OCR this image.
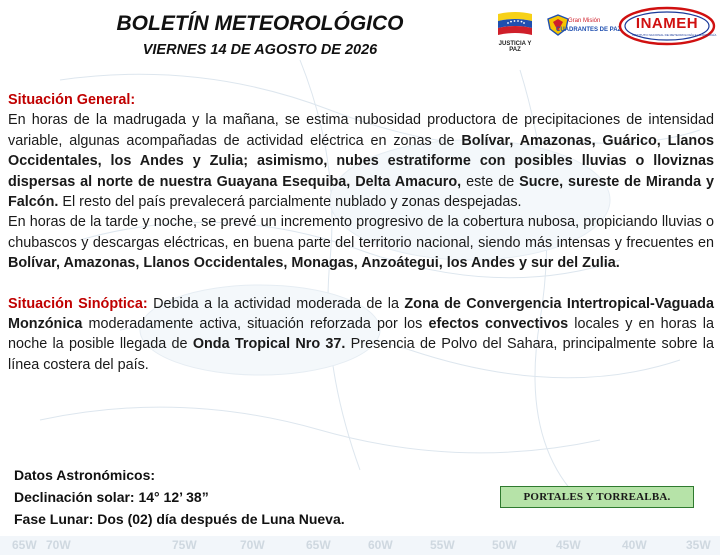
65W 70W	75W	70W	65W	60W	55W	50W	45W	40W	35W
BOLETÍN METEOROLÓGICO
VIERNES 14 DE AGOSTO DE 2026	JUSTICIA Y PAZ
Gran Misión
CUADRANTES DE PAZ INAMEH
INSTITUTO NACIONAL DE METEOROLOGÍA E HIDROLOGÍA

Situación General:
En horas de la madrugada y la mañana, se estima nubosidad productora de precipitaciones de intensidad variable, algunas acompañadas de actividad eléctrica en zonas de Bolívar, Amazonas, Guárico, Llanos Occidentales, los Andes y Zulia; asimismo, nubes estratiforme con posibles lluvias o lloviznas dispersas al norte de nuestra Guayana Esequiba, Delta Amacuro, este de Sucre, sureste de Miranda y Falcón. El resto del país prevalecerá parcialmente nublado y zonas despejadas.

En horas de la tarde y noche, se prevé un incremento progresivo de la cobertura nubosa, propiciando lluvias o chubascos y descargas eléctricas, en buena parte del territorio nacional, siendo más intensas y frecuentes en Bolívar, Amazonas, Llanos Occidentales, Monagas, Anzoátegui, los Andes y sur del Zulia.

Situación Sinóptica: Debida a la actividad moderada de la Zona de Convergencia Intertropical-Vaguada Monzónica moderadamente activa, situación reforzada por los efectos convectivos locales y en horas la noche la posible llegada de Onda Tropical Nro 37. Presencia de Polvo del Sahara, principalmente sobre la línea costera del país.

Datos Astronómicos:
Declinación solar: 14° 12’ 38”
Fase Lunar: Dos (02) día después de Luna Nueva.
PORTALES Y TORREALBA.
